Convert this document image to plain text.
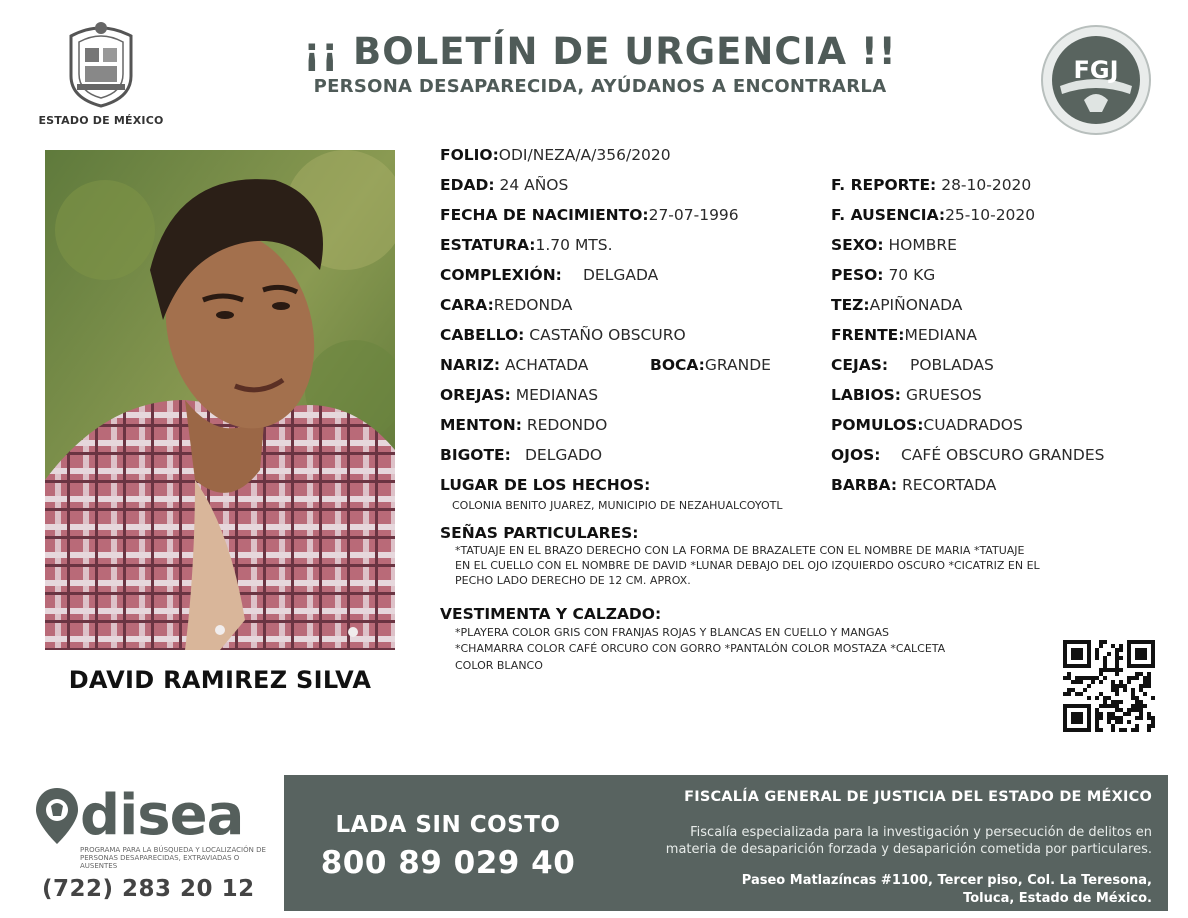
ESTADO DE MÉXICO
¡¡ BOLETÍN DE URGENCIA !!
PERSONA DESAPARECIDA, AYÚDANOS A ENCONTRARLA
FGJ
DAVID RAMIREZ SILVA
FOLIO:ODI/NEZA/A/356/2020
EDAD: 24 AÑOS
FECHA DE NACIMIENTO:27-07-1996
ESTATURA:1.70 MTS.
COMPLEXIÓN: DELGADA
CARA:REDONDA
CABELLO: CASTAÑO OBSCURO
NARIZ: ACHATADA	BOCA:GRANDE
OREJAS: MEDIANAS
MENTON: REDONDO
BIGOTE: DELGADO
LUGAR DE LOS HECHOS:
COLONIA BENITO JUAREZ, MUNICIPIO DE NEZAHUALCOYOTL
F. REPORTE: 28-10-2020
F. AUSENCIA:25-10-2020
SEXO: HOMBRE
PESO: 70 KG
TEZ:APIÑONADA
FRENTE:MEDIANA
CEJAS: POBLADAS
LABIOS: GRUESOS
POMULOS:CUADRADOS
OJOS: CAFÉ OBSCURO GRANDES
BARBA: RECORTADA
SEÑAS PARTICULARES:
*TATUAJE EN EL BRAZO DERECHO CON LA FORMA DE BRAZALETE CON EL NOMBRE DE MARIA *TATUAJE
EN EL CUELLO CON EL NOMBRE DE DAVID *LUNAR DEBAJO DEL OJO IZQUIERDO OSCURO *CICATRIZ EN EL
PECHO LADO DERECHO DE 12 CM. APROX.
VESTIMENTA Y CALZADO:
*PLAYERA COLOR GRIS CON FRANJAS ROJAS Y BLANCAS EN CUELLO Y MANGAS
*CHAMARRA COLOR CAFÉ ORCURO CON GORRO *PANTALÓN COLOR MOSTAZA *CALCETA
COLOR BLANCO
disea
PROGRAMA PARA LA BÚSQUEDA Y LOCALIZACIÓN DE PERSONAS DESAPARECIDAS, EXTRAVIADAS O AUSENTES
(722) 283 20 12
LADA SIN COSTO
800 89 029 40
FISCALÍA GENERAL DE JUSTICIA DEL ESTADO DE MÉXICO
Fiscalía especializada para la investigación y persecución de delitos en
materia de desaparición forzada y desaparición cometida por particulares.
Paseo Matlazíncas #1100, Tercer piso, Col. La Teresona,
Toluca, Estado de México.
